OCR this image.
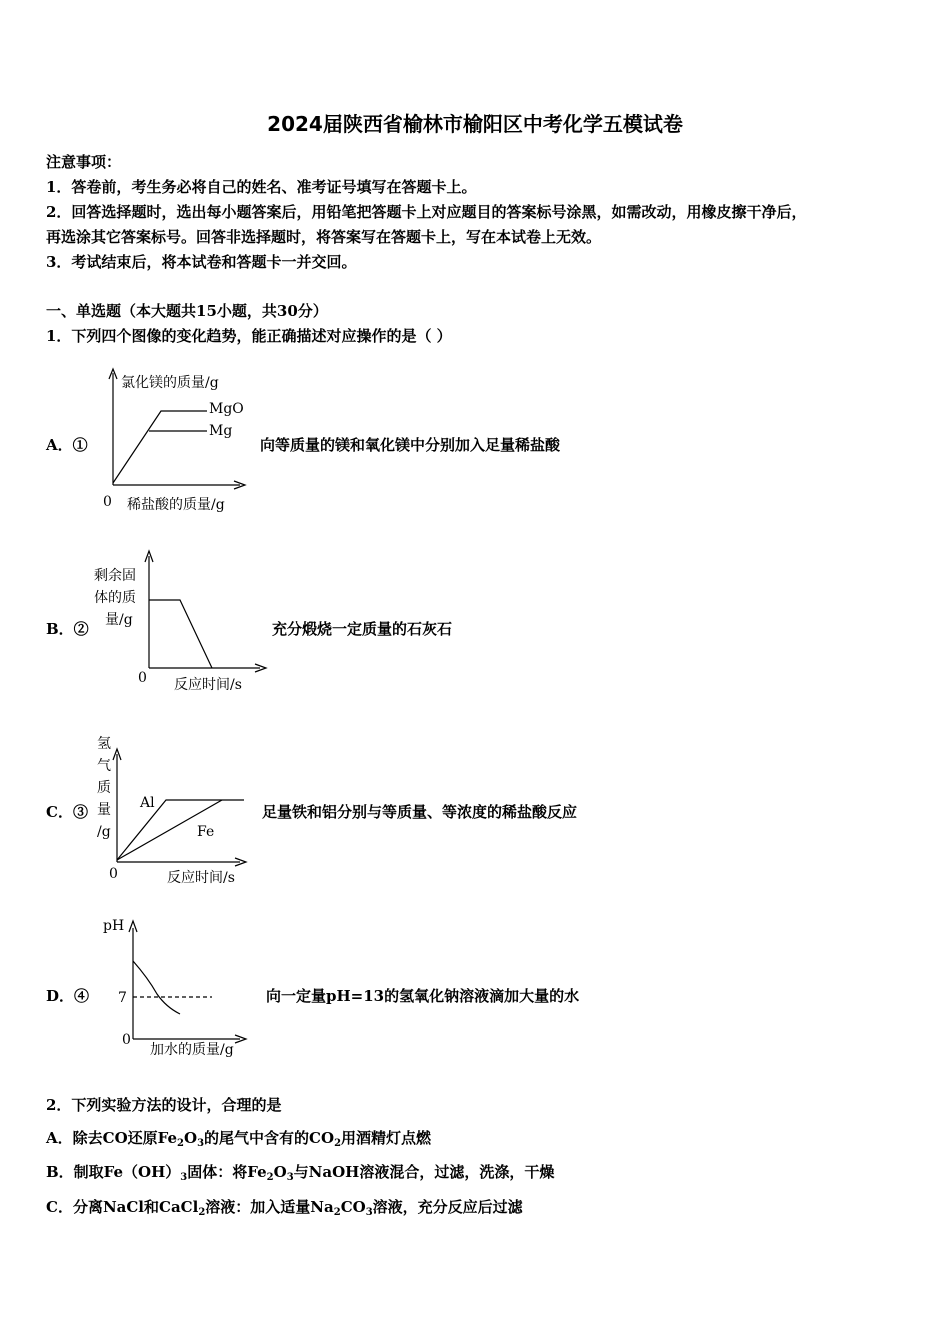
2024届陕西省榆林市榆阳区中考化学五模试卷
注意事项：
1．答卷前，考生务必将自己的姓名、准考证号填写在答题卡上。
2．回答选择题时，选出每小题答案后，用铅笔把答题卡上对应题目的答案标号涂黑，如需改动，用橡皮擦干净后，
再选涂其它答案标号。回答非选择题时，将答案写在答题卡上，写在本试卷上无效。
3．考试结束后，将本试卷和答题卡一并交回。
一、单选题（本大题共15小题，共30分）
1．下列四个图像的变化趋势，能正确描述对应操作的是（ ）
A．①
氯化镁的质量/g
MgO
Mg
0 稀盐酸的质量/g
向等质量的镁和氧化镁中分别加入足量稀盐酸
B．②
剩余固
体的质
量/g
0 反应时间/s
充分煅烧一定质量的石灰石
C．③
氢
气
质
量
/g
Al
Fe
0	反应时间/s
足量铁和铝分别与等质量、等浓度的稀盐酸反应
D．④
pH
7
0
加水的质量/g
向一定量pH=13的氢氧化钠溶液滴加大量的水
2．下列实验方法的设计，合理的是
A．除去CO还原$Fe_2O_3$的尾气中含有的$CO_2$用酒精灯点燃
B．制取$Fe(OH)_3$固体：将$Fe_2O_3$与NaOH溶液混合，过滤，洗涤，干燥
C．分离NaCl和CaCl$_2$溶液：加入适量$Na_2CO_3$溶液，充分反应后过滤
